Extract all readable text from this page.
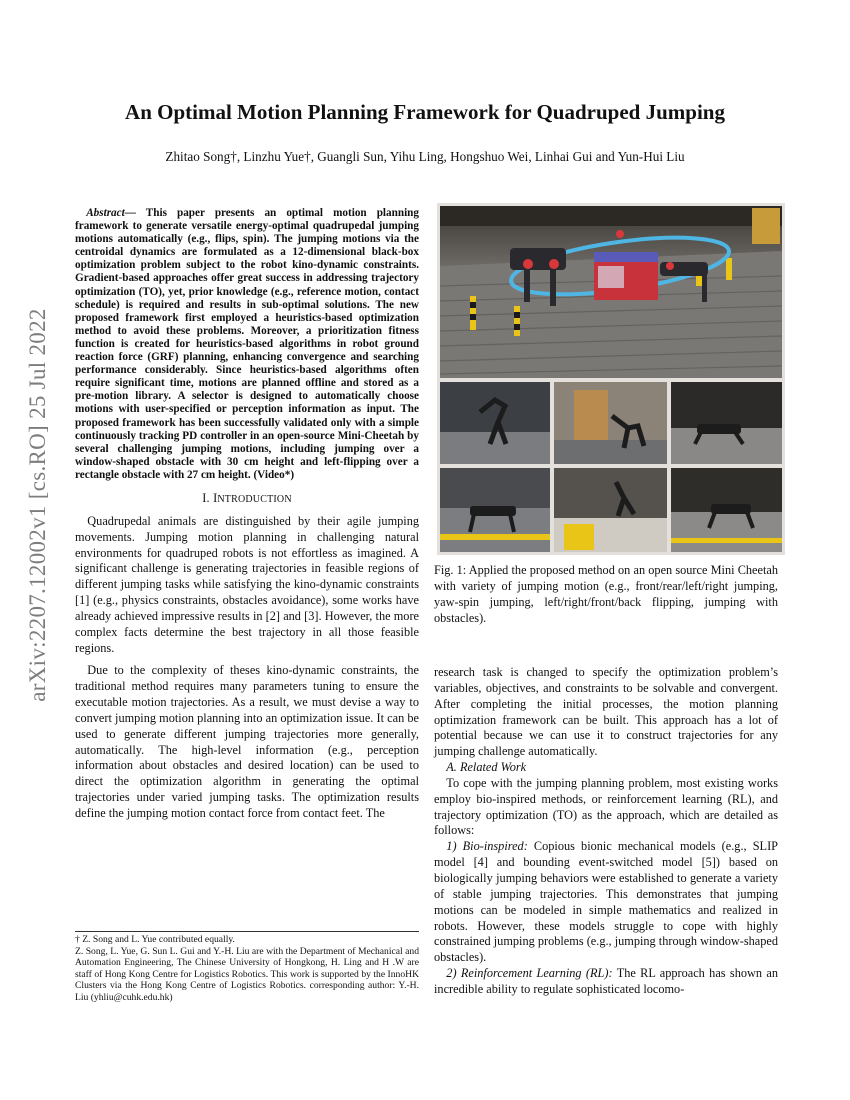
arXiv:2207.12002v1 [cs.RO] 25 Jul 2022
An Optimal Motion Planning Framework for Quadruped Jumping
Zhitao Song†, Linzhu Yue†, Guangli Sun, Yihu Ling, Hongshuo Wei, Linhai Gui and Yun-Hui Liu

Abstract— This paper presents an optimal motion planning framework to generate versatile energy-optimal quadrupedal jumping motions automatically (e.g., flips, spin). The jumping motions via the centroidal dynamics are formulated as a 12-dimensional black-box optimization problem subject to the robot kino-dynamic constraints. Gradient-based approaches offer great success in addressing trajectory optimization (TO), yet, prior knowledge (e.g., reference motion, contact schedule) is required and results in sub-optimal solutions. The new proposed framework first employed a heuristics-based optimization method to avoid these problems. Moreover, a prioritization fitness function is created for heuristics-based algorithms in robot ground reaction force (GRF) planning, enhancing convergence and searching performance considerably. Since heuristics-based algorithms often require significant time, motions are planned offline and stored as a pre-motion library. A selector is designed to automatically choose motions with user-specified or perception information as input. The proposed framework has been successfully validated only with a simple continuously tracking PD controller in an open-source Mini-Cheetah by several challenging jumping motions, including jumping over a window-shaped obstacle with 30 cm height and left-flipping over a rectangle obstacle with 27 cm height. (Video*)

I. INTRODUCTION

Quadrupedal animals are distinguished by their agile jumping movements. Jumping motion planning in challenging natural environments for quadruped robots is not effortless as imagined. A significant challenge is generating trajectories in feasible regions of different jumping tasks while satisfying the kino-dynamic constraints [1] (e.g., physics constraints, obstacles avoidance), some works have already achieved impressive results in [2] and [3]. However, the more complex facts determine the best trajectory in all those feasible regions.

Due to the complexity of theses kino-dynamic constraints, the traditional method requires many parameters tuning to ensure the executable motion trajectories. As a result, we must devise a way to convert jumping motion planning into an optimization issue. It can be used to generate different jumping trajectories more generally, automatically. The high-level information (e.g., perception information about obstacles and desired location) can be used to direct the optimization algorithm in generating the optimal trajectories under varied jumping tasks. The optimization results define the jumping motion contact force from contact feet. The

† Z. Song and L. Yue contributed equally.

Z. Song, L. Yue, G. Sun L. Gui and Y.-H. Liu are with the Department of Mechanical and Automation Engineering, The Chinese University of Hongkong, H. Ling and H .W are staff of Hong Kong Centre for Logistics Robotics. This work is supported by the InnoHK Clusters via the Hong Kong Centre of Logistics Robotics. corresponding author: Y.-H. Liu (yhliu@cuhk.edu.hk)

Fig. 1: Applied the proposed method on an open source Mini Cheetah with variety of jumping motion (e.g., front/rear/left/right jumping, yaw-spin jumping, left/right/front/back flipping, jumping with obstacles).

research task is changed to specify the optimization problem’s variables, objectives, and constraints to be solvable and convergent. After completing the initial processes, the motion planning optimization framework can be built. This approach has a lot of potential because we can use it to construct trajectories for any jumping challenge automatically.

A. Related Work

To cope with the jumping planning problem, most existing works employ bio-inspired methods, or reinforcement learning (RL), and trajectory optimization (TO) as the approach, which are detailed as follows:

1) Bio-inspired: Copious bionic mechanical models (e.g., SLIP model [4] and bounding event-switched model [5]) based on biologically jumping behaviors were established to generate a variety of stable jumping trajectories. This demonstrates that jumping motions can be modeled in simple mathematics and realized in robots. However, these models struggle to cope with highly constrained jumping problems (e.g., jumping through window-shaped obstacles).

2) Reinforcement Learning (RL): The RL approach has shown an incredible ability to regulate sophisticated locomo-
